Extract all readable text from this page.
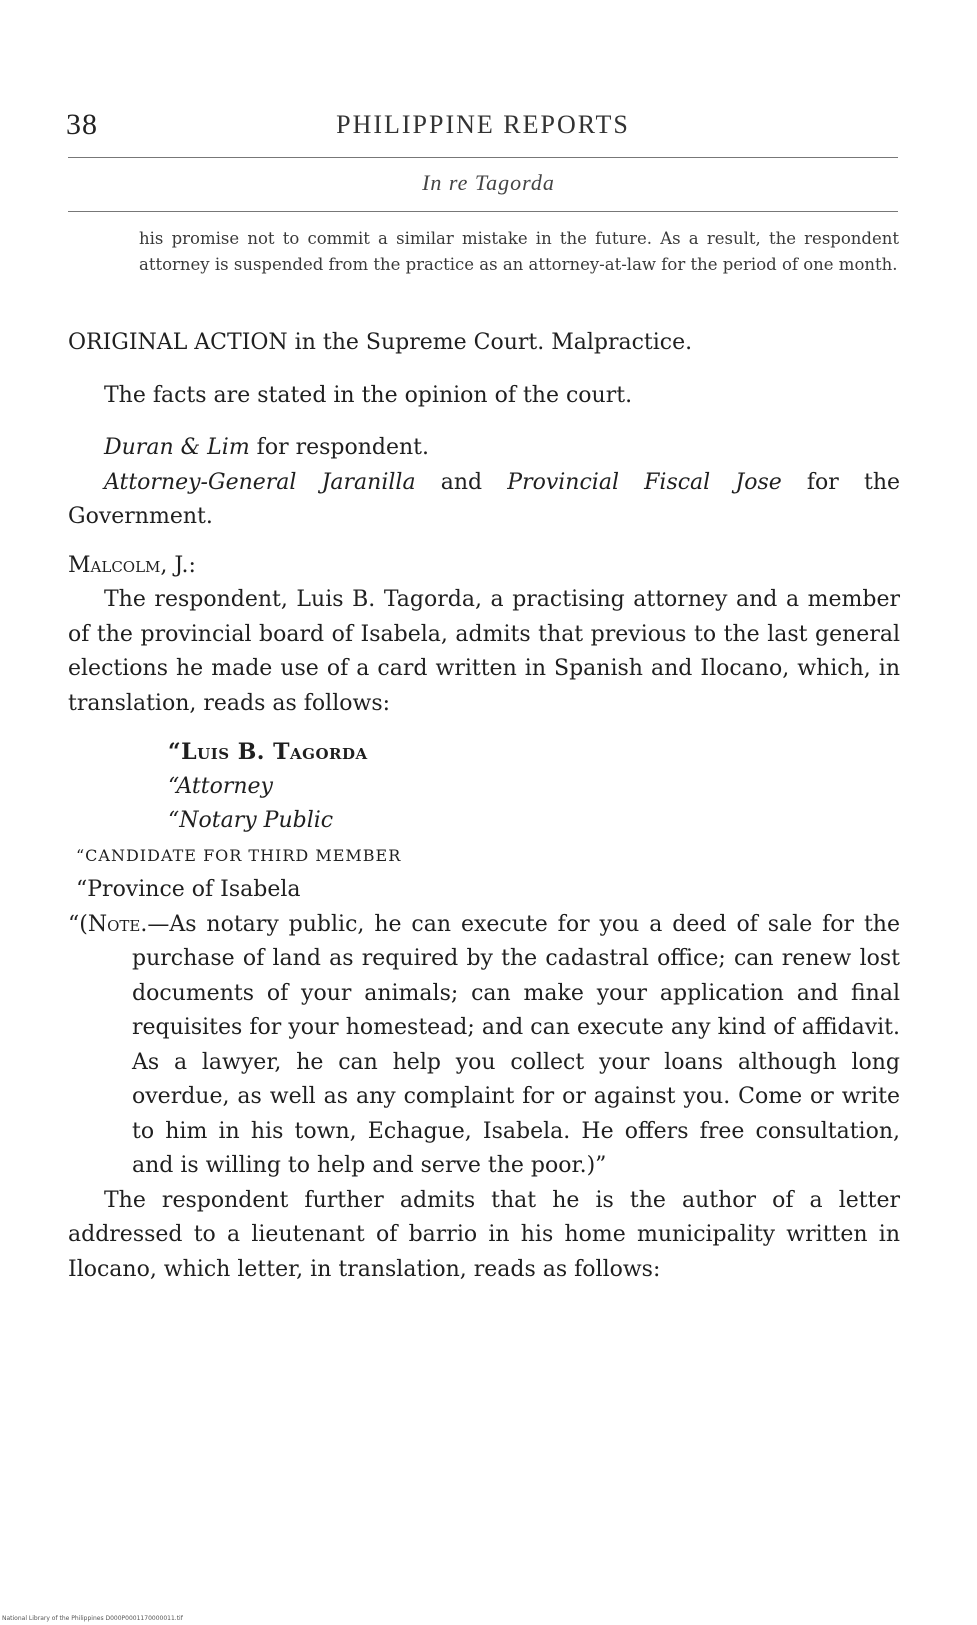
38	PHILIPPINE REPORTS
In re Tagorda
his promise not to commit a similar mistake in the future. As a result, the respondent attorney is suspended from the practice as an attorney-at-law for the period of one month.

ORIGINAL ACTION in the Supreme Court. Malpractice.

The facts are stated in the opinion of the court.

Duran & Lim for respondent.

Attorney-General Jaranilla and Provincial Fiscal Jose for the Government.

Malcolm, J.:

The respondent, Luis B. Tagorda, a practising attorney and a member of the provincial board of Isabela, admits that previous to the last general elections he made use of a card written in Spanish and Ilocano, which, in translation, reads as follows:

“Luis B. Tagorda

“Attorney

“Notary Public

“CANDIDATE FOR THIRD MEMBER

“Province of Isabela

“(Note.—As notary public, he can execute for you a deed of sale for the purchase of land as required by the cadastral office; can renew lost documents of your animals; can make your application and final requisites for your homestead; and can execute any kind of affidavit. As a lawyer, he can help you collect your loans although long overdue, as well as any complaint for or against you. Come or write to him in his town, Echague, Isabela. He offers free consultation, and is willing to help and serve the poor.)”

The respondent further admits that he is the author of a letter addressed to a lieutenant of barrio in his home municipality written in Ilocano, which letter, in translation, reads as follows:

National Library of the Philippines D000P0001170000011.tif
